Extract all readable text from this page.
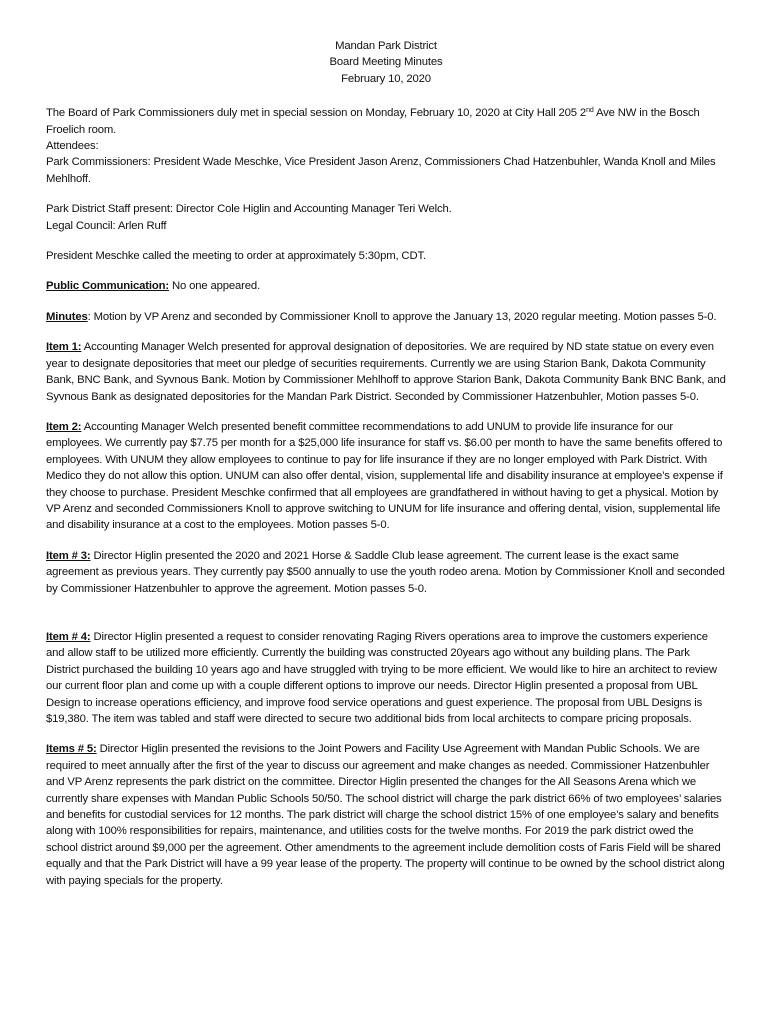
Mandan Park District
Board Meeting Minutes
February 10, 2020

The Board of Park Commissioners duly met in special session on Monday, February 10, 2020 at City Hall 205 2nd Ave NW in the Bosch Froelich room.

Attendees:

Park Commissioners: President Wade Meschke, Vice President Jason Arenz, Commissioners Chad Hatzenbuhler, Wanda Knoll and Miles Mehlhoff.

Park District Staff present: Director Cole Higlin and Accounting Manager Teri Welch.

Legal Council: Arlen Ruff

President Meschke called the meeting to order at approximately 5:30pm, CDT.

Public Communication: No one appeared.

Minutes: Motion by VP Arenz and seconded by Commissioner Knoll to approve the January 13, 2020 regular meeting. Motion passes 5-0.

Item 1: Accounting Manager Welch presented for approval designation of depositories. We are required by ND state statue on every even year to designate depositories that meet our pledge of securities requirements. Currently we are using Starion Bank, Dakota Community Bank, BNC Bank, and Syvnous Bank. Motion by Commissioner Mehlhoff to approve Starion Bank, Dakota Community Bank BNC Bank, and Syvnous Bank as designated depositories for the Mandan Park District. Seconded by Commissioner Hatzenbuhler, Motion passes 5-0.

Item 2: Accounting Manager Welch presented benefit committee recommendations to add UNUM to provide life insurance for our employees. We currently pay $7.75 per month for a $25,000 life insurance for staff vs. $6.00 per month to have the same benefits offered to employees. With UNUM they allow employees to continue to pay for life insurance if they are no longer employed with Park District. With Medico they do not allow this option. UNUM can also offer dental, vision, supplemental life and disability insurance at employee’s expense if they choose to purchase. President Meschke confirmed that all employees are grandfathered in without having to get a physical. Motion by VP Arenz and seconded Commissioners Knoll to approve switching to UNUM for life insurance and offering dental, vision, supplemental life and disability insurance at a cost to the employees. Motion passes 5-0.

Item # 3: Director Higlin presented the 2020 and 2021 Horse & Saddle Club lease agreement. The current lease is the exact same agreement as previous years. They currently pay $500 annually to use the youth rodeo arena. Motion by Commissioner Knoll and seconded by Commissioner Hatzenbuhler to approve the agreement. Motion passes 5-0.

Item # 4: Director Higlin presented a request to consider renovating Raging Rivers operations area to improve the customers experience and allow staff to be utilized more efficiently. Currently the building was constructed 20years ago without any building plans. The Park District purchased the building 10 years ago and have struggled with trying to be more efficient. We would like to hire an architect to review our current floor plan and come up with a couple different options to improve our needs. Director Higlin presented a proposal from UBL Design to increase operations efficiency, and improve food service operations and guest experience. The proposal from UBL Designs is $19,380. The item was tabled and staff were directed to secure two additional bids from local architects to compare pricing proposals.

Items # 5: Director Higlin presented the revisions to the Joint Powers and Facility Use Agreement with Mandan Public Schools. We are required to meet annually after the first of the year to discuss our agreement and make changes as needed. Commissioner Hatzenbuhler and VP Arenz represents the park district on the committee. Director Higlin presented the changes for the All Seasons Arena which we currently share expenses with Mandan Public Schools 50/50. The school district will charge the park district 66% of two employees’ salaries and benefits for custodial services for 12 months. The park district will charge the school district 15% of one employee’s salary and benefits along with 100% responsibilities for repairs, maintenance, and utilities costs for the twelve months. For 2019 the park district owed the school district around $9,000 per the agreement. Other amendments to the agreement include demolition costs of Faris Field will be shared equally and that the Park District will have a 99 year lease of the property. The property will continue to be owned by the school district along with paying specials for the property.
